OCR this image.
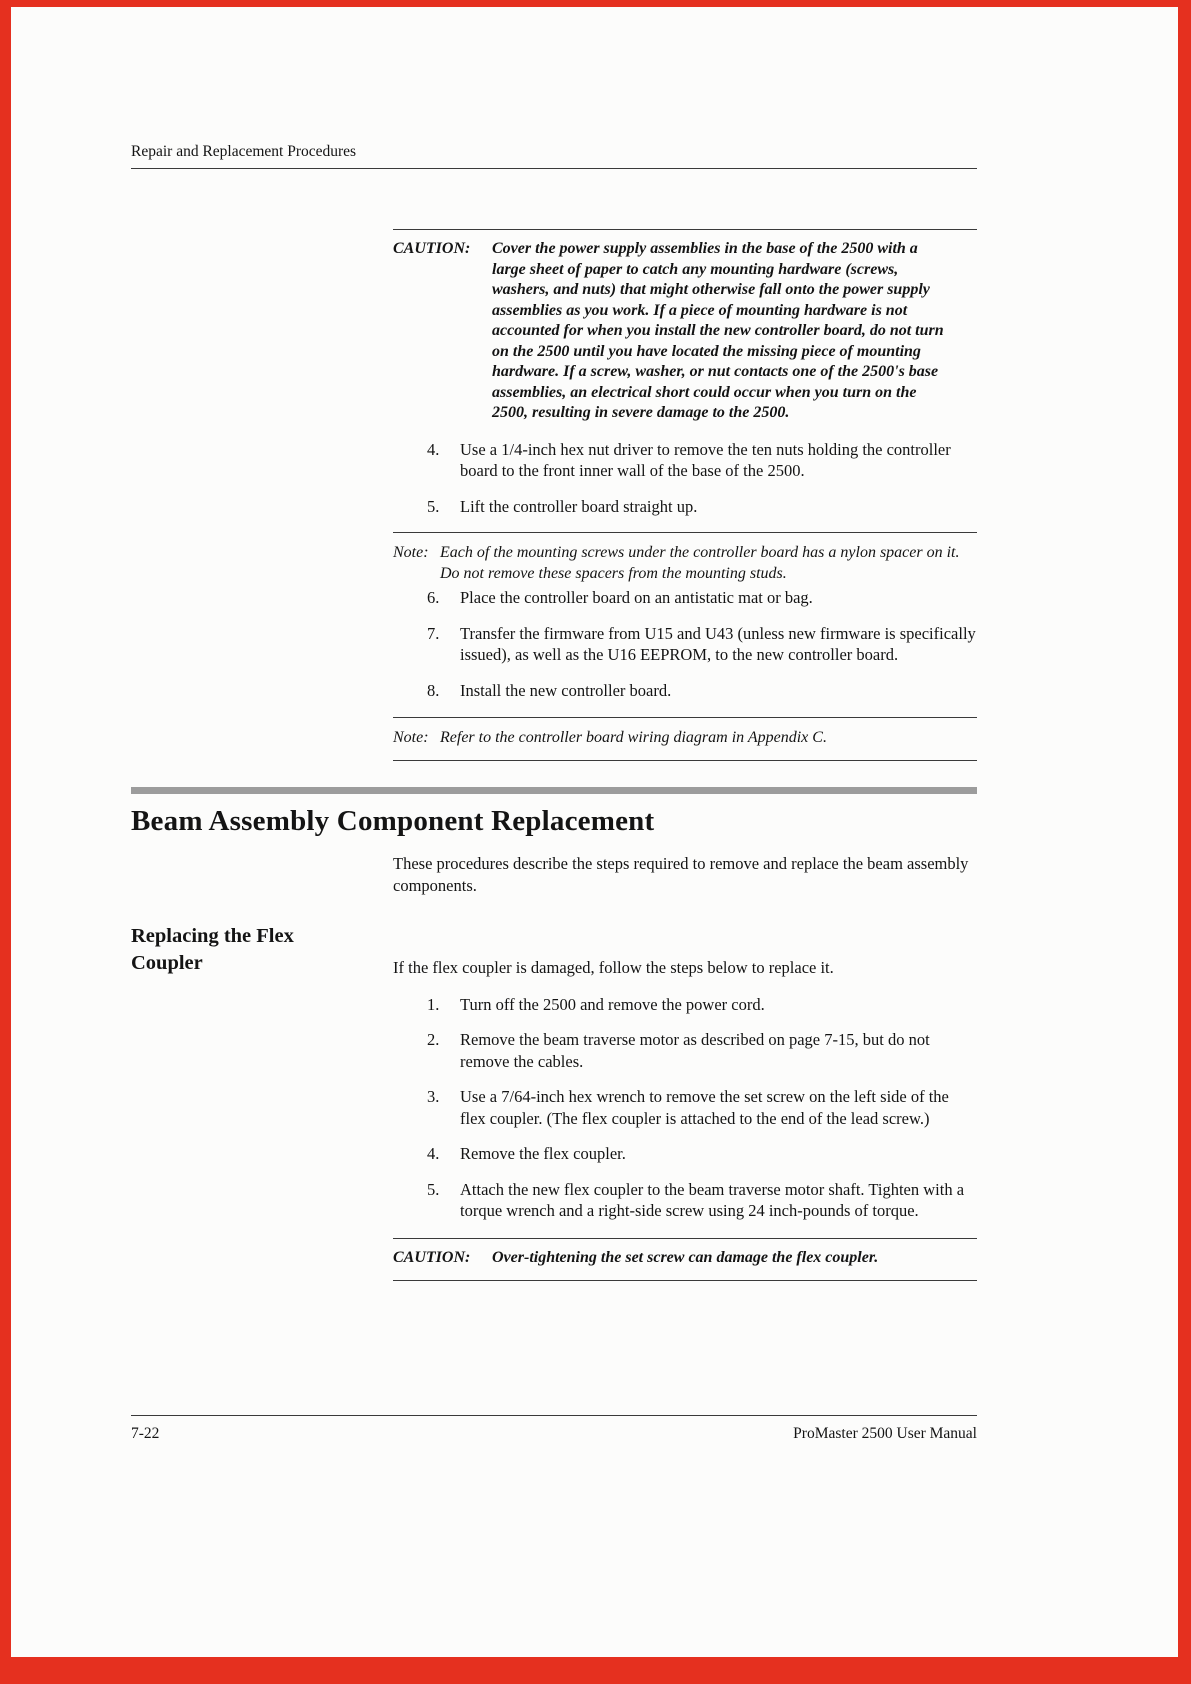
Repair and Replacement Procedures
CAUTION:	Cover the power supply assemblies in the base of the 2500 with a large sheet of paper to catch any mounting hardware (screws, washers, and nuts) that might otherwise fall onto the power supply assemblies as you work. If a piece of mounting hardware is not accounted for when you install the new controller board, do not turn on the 2500 until you have located the missing piece of mounting hardware. If a screw, washer, or nut contacts one of the 2500's base assemblies, an electrical short could occur when you turn on the 2500, resulting in severe damage to the 2500.
4.	Use a 1/4-inch hex nut driver to remove the ten nuts holding the controller board to the front inner wall of the base of the 2500.
5.	Lift the controller board straight up.
Note: Each of the mounting screws under the controller board has a nylon spacer on it. Do not remove these spacers from the mounting studs.
6.	Place the controller board on an antistatic mat or bag.
7.	Transfer the firmware from U15 and U43 (unless new firmware is specifically issued), as well as the U16 EEPROM, to the new controller board.
8.	Install the new controller board.
Note: Refer to the controller board wiring diagram in Appendix C.
Beam Assembly Component Replacement
These procedures describe the steps required to remove and replace the beam assembly components.
Replacing the Flex Coupler	If the flex coupler is damaged, follow the steps below to replace it.
1.	Turn off the 2500 and remove the power cord.
2.	Remove the beam traverse motor as described on page 7-15, but do not remove the cables.
3.	Use a 7/64-inch hex wrench to remove the set screw on the left side of the flex coupler. (The flex coupler is attached to the end of the lead screw.)
4.	Remove the flex coupler.
5.	Attach the new flex coupler to the beam traverse motor shaft. Tighten with a torque wrench and a right-side screw using 24 inch-pounds of torque.
CAUTION:	Over-tightening the set screw can damage the flex coupler.
7-22	ProMaster 2500 User Manual
